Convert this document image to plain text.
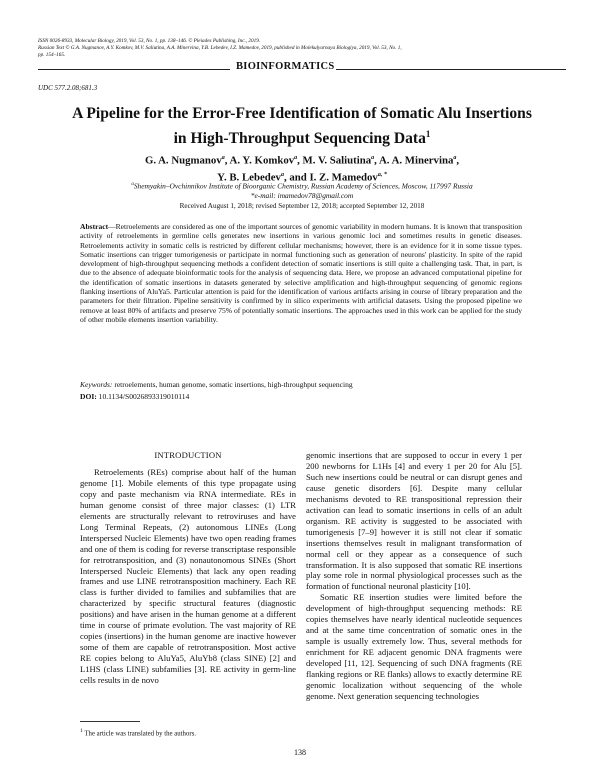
ISSN 0026-8933, Molecular Biology, 2019, Vol. 53, No. 1, pp. 138–146. © Pleiades Publishing, Inc., 2019.
Russian Text © G.A. Nugmanov, A.Y. Komkov, M.V. Saliutina, A.A. Minervina, Y.B. Lebedev, I.Z. Mamedov, 2019, published in Molekulyarnaya Biologiya, 2019, Vol. 53, No. 1,
pp. 154–165.
BIOINFORMATICS
UDC 577.2.08;681.3
A Pipeline for the Error-Free Identification of Somatic Alu Insertions
in High-Throughput Sequencing Data$^1$
G. A. Nugmanov$^a$, A. Y. Komkov$^a$, M. V. Saliutina$^a$, A. A. Minervina$^a$,
Y. B. Lebedev$^a$, and I. Z. Mamedov$^{a, *}$
$^a$Shemyakin–Ovchinnikov Institute of Bioorganic Chemistry, Russian Academy of Sciences, Moscow, 117997 Russia
*e-mail: imamedov78@gmail.com
Received August 1, 2018; revised September 12, 2018; accepted September 12, 2018
Abstract—Retroelements are considered as one of the important sources of genomic variability in modern humans. It is known that transposition activity of retroelements in germline cells generates new insertions in various genomic loci and sometimes results in genetic diseases. Retroelements activity in somatic cells is restricted by different cellular mechanisms; however, there is an evidence for it in some tissue types. Somatic insertions can trigger tumorigenesis or participate in normal functioning such as generation of neurons' plasticity. In spite of the rapid development of high-throughput sequencing methods a confident detection of somatic insertions is still quite a challenging task. That, in part, is due to the absence of adequate bioinformatic tools for the analysis of sequencing data. Here, we propose an advanced computational pipeline for the identification of somatic insertions in datasets generated by selective amplification and high-throughput sequencing of genomic regions flanking insertions of AluYa5. Particular attention is paid for the identification of various artifacts arising in course of library preparation and the parameters for their filtration. Pipeline sensitivity is confirmed by in silico experiments with artificial datasets. Using the proposed pipeline we remove at least 80% of artifacts and preserve 75% of potentially somatic insertions. The approaches used in this work can be applied for the study of other mobile elements insertion variability.
Keywords: retroelements, human genome, somatic insertions, high-throughput sequencing
DOI: 10.1134/S0026893319010114

INTRODUCTION

Retroelements (REs) comprise about half of the human genome [1]. Mobile elements of this type propagate using copy and paste mechanism via RNA intermediate. REs in human genome consist of three major classes: (1) LTR elements are structurally relevant to retroviruses and have Long Terminal Repeats, (2) autonomous LINEs (Long Interspersed Nucleic Elements) have two open reading frames and one of them is coding for reverse transcriptase responsible for retrotransposition, and (3) nonautonomous SINEs (Short Interspersed Nucleic Elements) that lack any open reading frames and use LINE retrotransposition machinery. Each RE class is further divided to families and subfamilies that are characterized by specific structural features (diagnostic positions) and have arisen in the human genome at a different time in course of primate evolution. The vast majority of RE copies (insertions) in the human genome are inactive however some of them are capable of retrotransposition. Most active RE copies belong to AluYa5, AluYb8 (class SINE) [2] and L1HS (class LINE) subfamilies [3]. RE activity in germ-line cells results in de novo

genomic insertions that are supposed to occur in every 1 per 200 newborns for L1Hs [4] and every 1 per 20 for Alu [5]. Such new insertions could be neutral or can disrupt genes and cause genetic disorders [6]. Despite many cellular mechanisms devoted to RE transpositional repression their activation can lead to somatic insertions in cells of an adult organism. RE activity is suggested to be associated with tumorigenesis [7–9] however it is still not clear if somatic insertions themselves result in malignant transformation of normal cell or they appear as a consequence of such transformation. It is also supposed that somatic RE insertions play some role in normal physiological processes such as the formation of functional neuronal plasticity [10].

Somatic RE insertion studies were limited before the development of high-throughput sequencing methods: RE copies themselves have nearly identical nucleotide sequences and at the same time concentration of somatic ones in the sample is usually extremely low. Thus, several methods for enrichment for RE adjacent genomic DNA fragments were developed [11, 12]. Sequencing of such DNA fragments (RE flanking regions or RE flanks) allows to exactly determine RE genomic localization without sequencing of the whole genome. Next generation sequencing technologies

$^1$ The article was translated by the authors.
138
